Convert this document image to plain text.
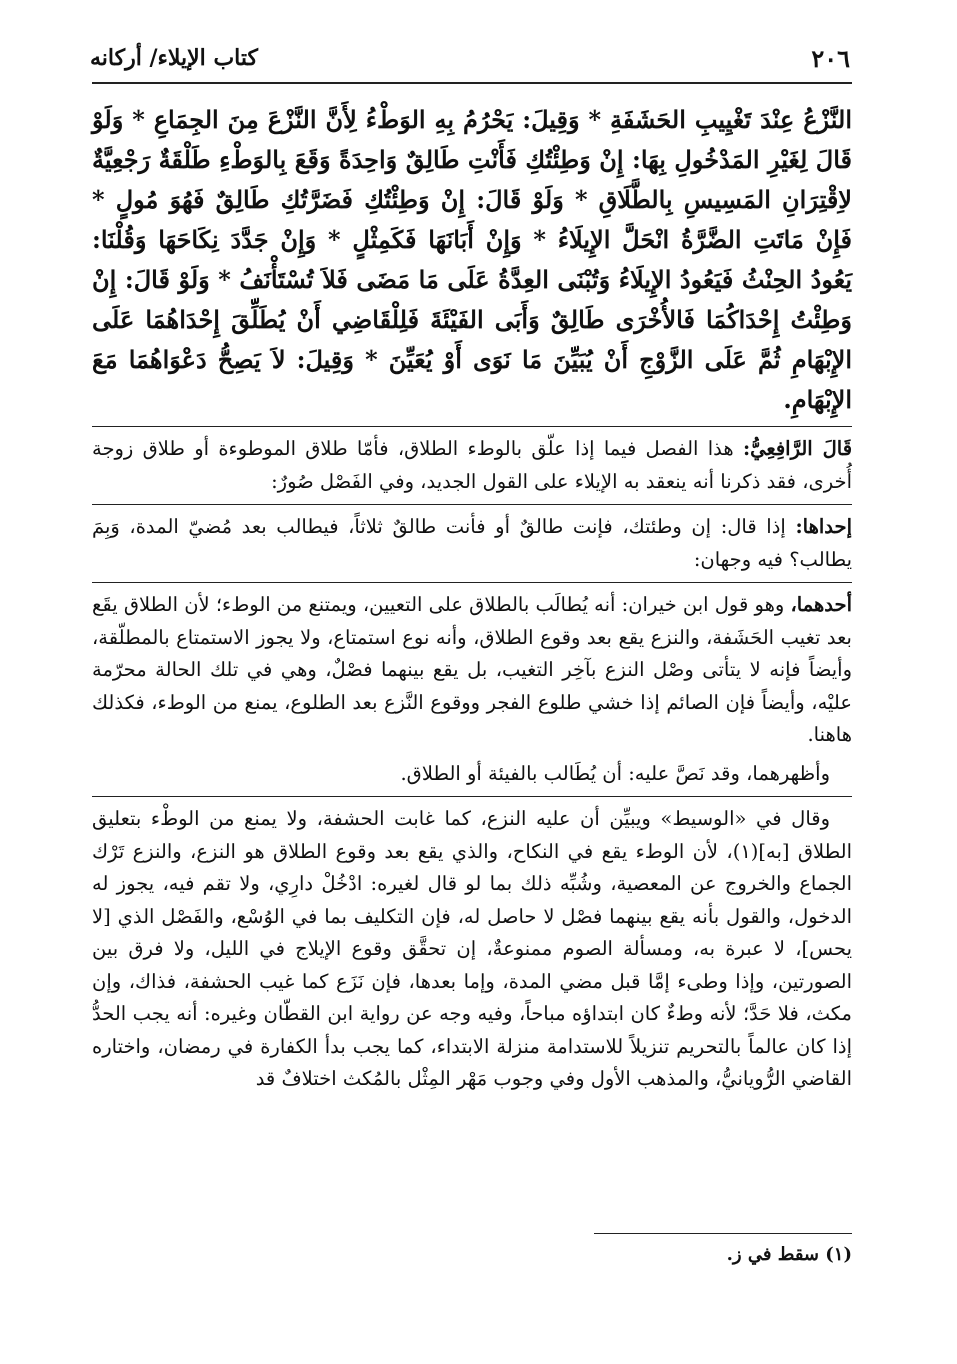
٢٠٦
كتاب الإيلاء/ أركانه

النَّزْعُ عِنْدَ تَغْيِيبِ الحَشَفَةِ * وَقِيلَ: يَحْرُمُ بِهِ الوَطْءُ لِأَنَّ النَّزْعَ مِنَ الجِمَاعِ * وَلَوْ قَالَ لِغَيْرِ المَدْخُولِ بِهَا: إِنْ وَطِئْتُكِ فَأَنْتِ طَالِقٌ وَاحِدَةً وَقَعَ بِالوَطْءِ طَلْقَةٌ رَجْعِيَّةٌ لاِقْتِرَانِ المَسِيسِ بِالطَّلَاقِ * وَلَوْ قَالَ: إِنْ وَطِئْتُكِ فَضَرَّتُكِ طَالِقٌ فَهُوَ مُولٍ * فَإِنْ مَاتَتِ الضَّرَّةُ انْحَلَّ الإِيلَاءُ * وَإِنْ أَبَانَهَا فَكَمِثْلٍ * وَإِنْ جَدَّدَ نِكَاحَهَا وَقُلْنَا: يَعُودُ الحِنْثُ فَيَعُودُ الإِيلَاءُ وَتُبْنَى العِدَّةُ عَلَى مَا مَضَى فَلاَ تُسْتَأْنَفُ * وَلَوْ قَالَ: إِنْ وَطِئْتُ إِحْدَاكُمَا فَالأُخْرَى طَالِقٌ وَأَبَى الفَيْئَةَ فَلِلْقَاضِي أَنْ يُطَلِّقَ إِحْدَاهُمَا عَلَى الإِبْهَامِ ثُمَّ عَلَى الزَّوْجِ أَنْ يُبَيِّنَ مَا نَوَى أَوْ يُعَيِّنَ * وَقِيلَ: لاَ يَصِحُّ دَعْوَاهُمَا مَعَ الإِبْهَامِ.

قَالَ الرَّافِعِيُّ: هذا الفصل فيما إذا علّق بالوطء الطلاق، فأمّا طلاق الموطوءة أو طلاق زوجة أُخرى، فقد ذكرنا أنه ينعقد به الإيلاء على القول الجديد، وفي الفَصْل صُورٌ:

إحداها: إذا قال: إن وطئتك، فإنت طالقٌ أو فأنت طالقٌ ثلاثاً، فيطالب بعد مُضيّ المدة، وَبِمَ يطالب؟ فيه وجهان:

أحدهما، وهو قول ابن خيران: أنه يُطالَب بالطلاق على التعيين، ويمتنع من الوطء؛ لأن الطلاق يقَع بعد تغيب الحَشَفة، والنزع يقع بعد وقوع الطلاق، وأنه نوع استمتاع، ولا يجوز الاستمتاع بالمطلّقة، وأيضاً فإنه لا يتأتى وصْل النزع بآخِر التغيب، بل يقع بينهما فصْلٌ، وهي في تلك الحالة محرّمة عليْه، وأيضاً فإن الصائم إذا خشي طلوع الفجر ووقوع النَّزع بعد الطلوع، يمنع من الوطء، فكذلك هاهنا.

وأظهرهما، وقد نَصَّ عليه: أن يُطَالب بالفيئة أو الطلاق.

وقال في «الوسيط» ويبيِّن أن عليه النزع، كما غابت الحشفة، ولا يمنع من الوطْء بتعليق الطلاق [به](١)، لأن الوطء يقع في النكاح، والذي يقع بعد وقوع الطلاق هو النزع، والنزع تَرْك الجماع والخروج عن المعصية، وشُبِّه ذلك بما لو قال لغيره: ادْخُلْ دارِي، ولا تقم فيه، يجوز له الدخول، والقول بأنه يقع بينهما فصْل لا حاصل له، فإن التكليف بما في الوُسْع، والفَصْل الذي [لا يحس]، لا عبرة به، ومسألة الصوم ممنوعةٌ، إن تحقَّق وقوع الإيلاج في الليل، ولا فرق بين الصورتين، وإذا وطىء إمَّا قبل مضي المدة، وإما بعدها، فإن نَزَع كما غيب الحشفة، فذاك، وإن مكث، فلا حَدَّ؛ لأنه وطءٌ كان ابتداؤه مباحاً، وفيه وجه عن رواية ابن القطّان وغيره: أنه يجب الحدُّ إذا كان عالماً بالتحريم تنزيلاً للاستدامة منزلة الابتداء، كما يجب بدأ الكفارة في رمضان، واختاره القاضي الرُّويانيُّ، والمذهب الأول وفي وجوب مَهْر المِثْل بالمُكث اختلافٌ قد

(١) سقط في ز.
